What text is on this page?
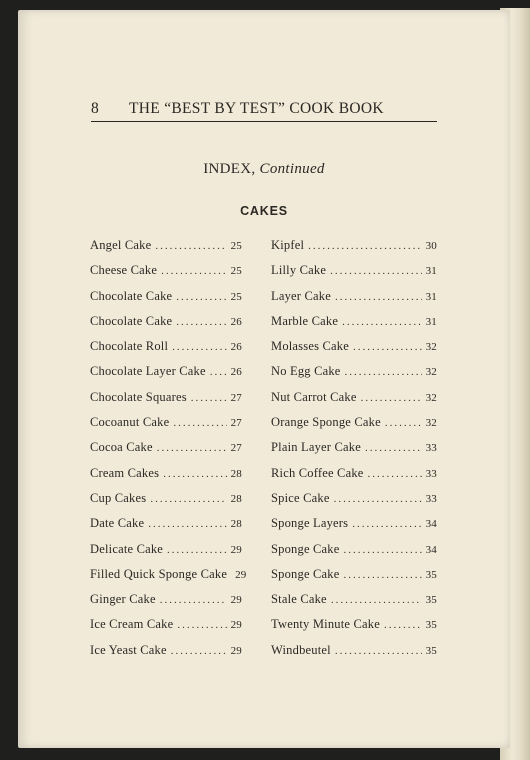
8 THE “BEST BY TEST” COOK BOOK
INDEX, Continued
CAKES
Angel Cake .....	25
Cheese Cake .....	25
Chocolate Cake .....	25
Chocolate Cake .....	26
Chocolate Roll .....	26
Chocolate Layer Cake ..... 26
Chocolate Squares .....	27
Cocoanut Cake .....	27
Cocoa Cake .....	27
Cream Cakes .....	28
Cup Cakes .....	28
Date Cake .....	28
Delicate Cake .....	29
Filled Quick Sponge Cake 29
Ginger Cake .....	29
Ice Cream Cake .....	29
Ice Yeast Cake .....	29
Kipfel .....	30
Lilly Cake .....	31
Layer Cake .....	31
Marble Cake .....	31
Molasses Cake .....	32
No Egg Cake .....	32
Nut Carrot Cake .....	32
Orange Sponge Cake .....	32
Plain Layer Cake .....	33
Rich Coffee Cake .....	33
Spice Cake .....	33
Sponge Layers .....	34
Sponge Cake .....	34
Sponge Cake .....	35
Stale Cake .....	35
Twenty Minute Cake .....	35
Windbeutel .....	35
